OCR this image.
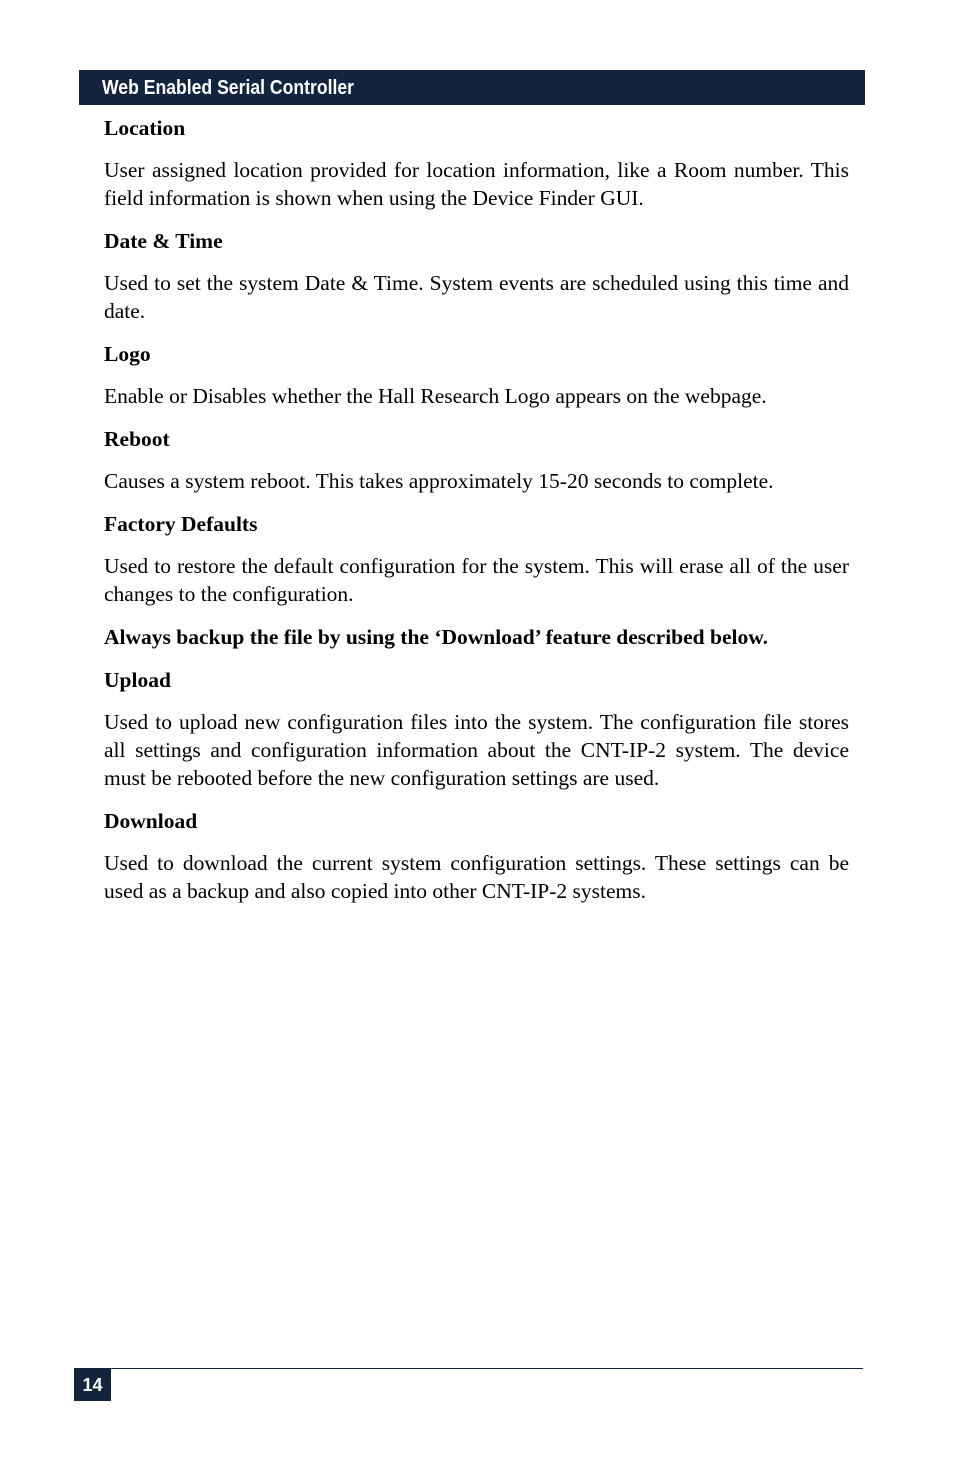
Web Enabled Serial Controller
Location
User assigned location provided for location information, like a Room number. This field information is shown when using the Device Finder GUI.
Date & Time
Used to set the system Date & Time. System events are scheduled using this time and date.
Logo
Enable or Disables whether the Hall Research Logo appears on the webpage.
Reboot
Causes a system reboot. This takes approximately 15-20 seconds to complete.
Factory Defaults
Used to restore the default configuration for the system. This will erase all of the user changes to the configuration.
Always backup the file by using the ‘Download’ feature described below.
Upload
Used to upload new configuration files into the system. The configuration file stores all settings and configuration information about the CNT-IP-2 system. The device must be rebooted before the new configuration settings are used.
Download
Used to download the current system configuration settings. These settings can be used as a backup and also copied into other CNT-IP-2 systems.
14
